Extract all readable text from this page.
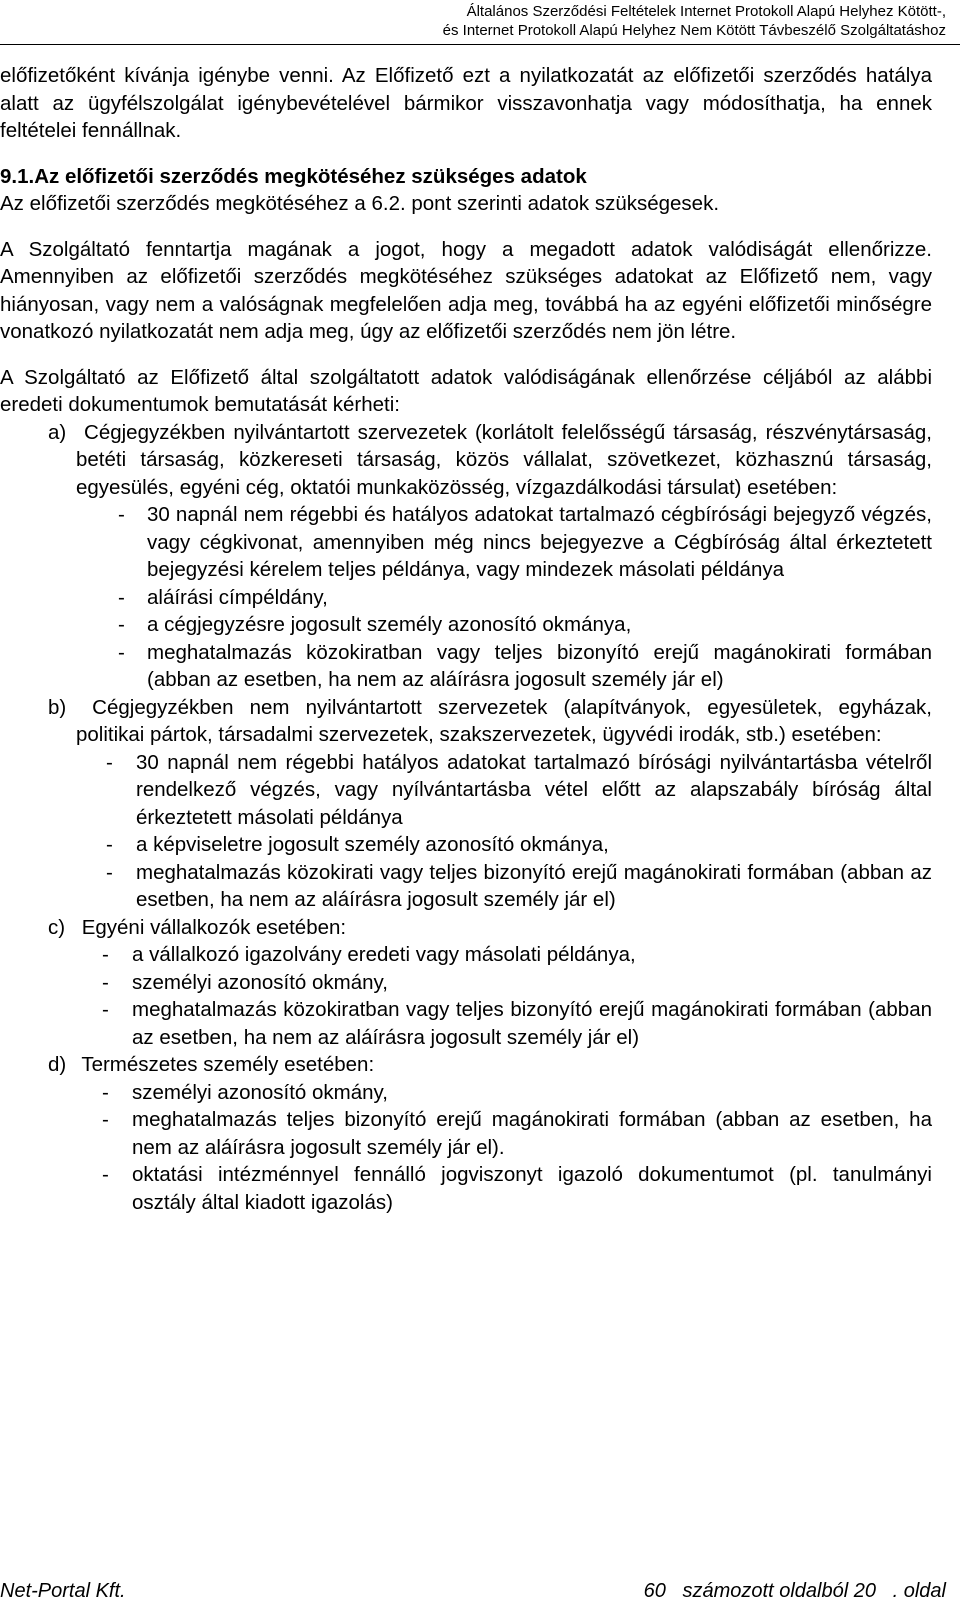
Általános Szerződési Feltételek Internet Protokoll Alapú Helyhez Kötött-,
és Internet Protokoll Alapú Helyhez Nem Kötött Távbeszélő Szolgáltatáshoz

előfizetőként kívánja igénybe venni. Az Előfizető ezt a nyilatkozatát az előfizetői szerződés hatálya alatt az ügyfélszolgálat igénybevételével bármikor visszavonhatja vagy módosíthatja, ha ennek feltételei fennállnak.

9.1.Az előfizetői szerződés megkötéséhez szükséges adatok

Az előfizetői szerződés megkötéséhez a 6.2. pont szerinti adatok szükségesek.

A Szolgáltató fenntartja magának a jogot, hogy a megadott adatok valódiságát ellenőrizze. Amennyiben az előfizetői szerződés megkötéséhez szükséges adatokat az Előfizető nem, vagy hiányosan, vagy nem a valóságnak megfelelően adja meg, továbbá ha az egyéni előfizetői minőségre vonatkozó nyilatkozatát nem adja meg, úgy az előfizetői szerződés nem jön létre.

A Szolgáltató az Előfizető által szolgáltatott adatok valódiságának ellenőrzése céljából az alábbi eredeti dokumentumok bemutatását kérheti:

a) Cégjegyzékben nyilvántartott szervezetek (korlátolt felelősségű társaság, részvénytársaság, betéti társaság, közkereseti társaság, közös vállalat, szövetkezet, közhasznú társaság, egyesülés, egyéni cég, oktatói munkaközösség, vízgazdálkodási társulat) esetében:

- 30 napnál nem régebbi és hatályos adatokat tartalmazó cégbírósági bejegyző végzés, vagy cégkivonat, amennyiben még nincs bejegyezve a Cégbíróság által érkeztetett bejegyzési kérelem teljes példánya, vagy mindezek másolati példánya

- aláírási címpéldány,

- a cégjegyzésre jogosult személy azonosító okmánya,

- meghatalmazás közokiratban vagy teljes bizonyító erejű magánokirati formában (abban az esetben, ha nem az aláírásra jogosult személy jár el)

b) Cégjegyzékben nem nyilvántartott szervezetek (alapítványok, egyesületek, egyházak, politikai pártok, társadalmi szervezetek, szakszervezetek, ügyvédi irodák, stb.) esetében:

- 30 napnál nem régebbi hatályos adatokat tartalmazó bírósági nyilvántartásba vételről rendelkező végzés, vagy nyílvántartásba vétel előtt az alapszabály bíróság által érkeztetett másolati példánya

- a képviseletre jogosult személy azonosító okmánya,

- meghatalmazás közokirati vagy teljes bizonyító erejű magánokirati formában (abban az esetben, ha nem az aláírásra jogosult személy jár el)

c) Egyéni vállalkozók esetében:

- a vállalkozó igazolvány eredeti vagy másolati példánya,

- személyi azonosító okmány,

- meghatalmazás közokiratban vagy teljes bizonyító erejű magánokirati formában (abban az esetben, ha nem az aláírásra jogosult személy jár el)

d) Természetes személy esetében:

- személyi azonosító okmány,

- meghatalmazás teljes bizonyító erejű magánokirati formában (abban az esetben, ha nem az aláírásra jogosult személy jár el).

- oktatási intézménnyel fennálló jogviszonyt igazoló dokumentumot (pl. tanulmányi osztály által kiadott igazolás)

Net-Portal Kft.	60   számozott oldalból 20   . oldal
